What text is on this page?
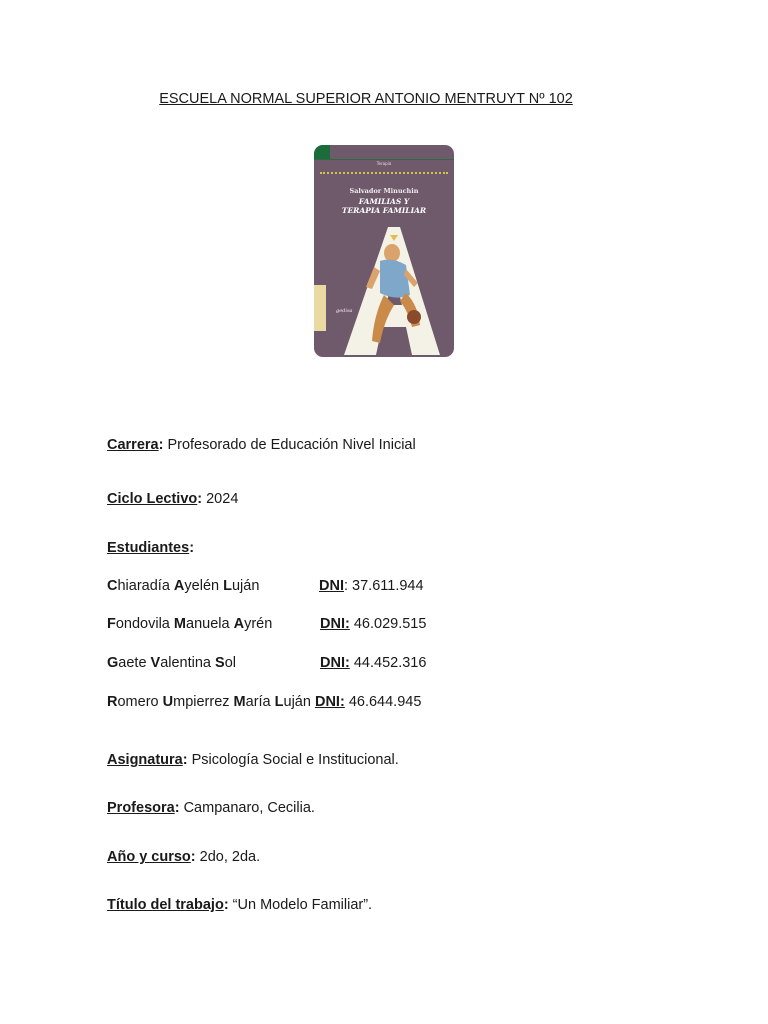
ESCUELA NORMAL SUPERIOR ANTONIO MENTRUYT Nº 102
Terapia
Salvador Minuchin
FAMILIAS Y
TERAPIA FAMILIAR
gedisa
Carrera: Profesorado de Educación Nivel Inicial
Ciclo Lectivo: 2024
Estudiantes:
Chiaradía Ayelén Luján	DNI: 37.611.944
Fondovila Manuela Ayrén	DNI: 46.029.515
Gaete Valentina Sol	DNI: 44.452.316
Romero Umpierrez María Luján DNI: 46.644.945
Asignatura: Psicología Social e Institucional.
Profesora: Campanaro, Cecilia.
Año y curso: 2do, 2da.
Título del trabajo: “Un Modelo Familiar”.
